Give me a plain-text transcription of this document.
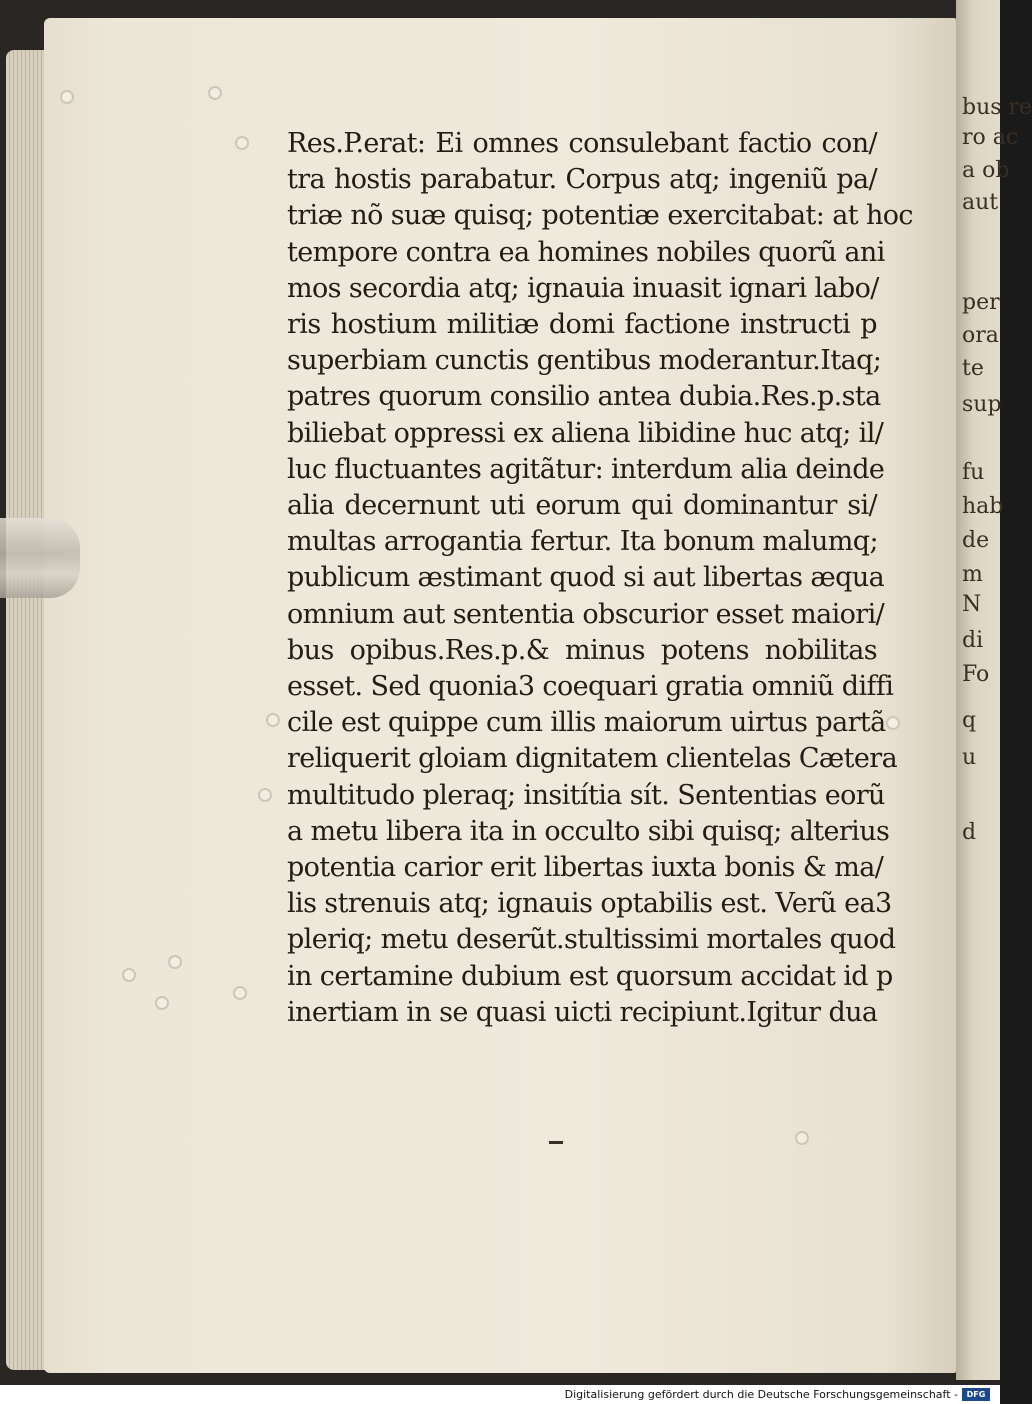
bus re
ro ac
a ob
aut
per
ora
te
sup
fu
hab
de
m
N
di
Fo
q
u
d
Res.P.erat: Ei omnes consulebant factio con/
tra hostis parabatur. Corpus atq; ingeniũ pa/
triæ nõ suæ quisq; potentiæ exercitabat: at hoc
tempore contra ea homines nobiles quorũ ani
mos secordia atq; ignauia inuasit ignari labo/
ris hostium militiæ domi factione instructi p
superbiam cunctis gentibus moderantur.Itaq;
patres quorum consilio antea dubia.Res.p.sta
biliebat oppressi ex aliena libidine huc atq; il/
luc fluctuantes agitãtur: interdum alia deinde
alia decernunt uti eorum qui dominantur si/
multas arrogantia fertur. Ita bonum malumq;
publicum æstimant quod si aut libertas æqua
omnium aut sententia obscurior esset maiori/
bus opibus.Res.p.& minus potens nobilitas
esset. Sed quonia3 coequari gratia omniũ diffi
cile est quippe cum illis maiorum uirtus partã
reliquerit gloiam dignitatem clientelas Cætera
multitudo pleraq; insitítia sít. Sententias eorũ
a metu libera ita in occulto sibi quisq; alterius
potentia carior erit libertas iuxta bonis & ma/
lis strenuis atq; ignauis optabilis est. Verũ ea3
pleriq; metu deserũt.stultissimi mortales quod
in certamine dubium est quorsum accidat id p
inertiam in se quasi uicti recipiunt.Igitur dua
Digitalisierung gefördert durch die Deutsche Forschungsgemeinschaft -	DFG
